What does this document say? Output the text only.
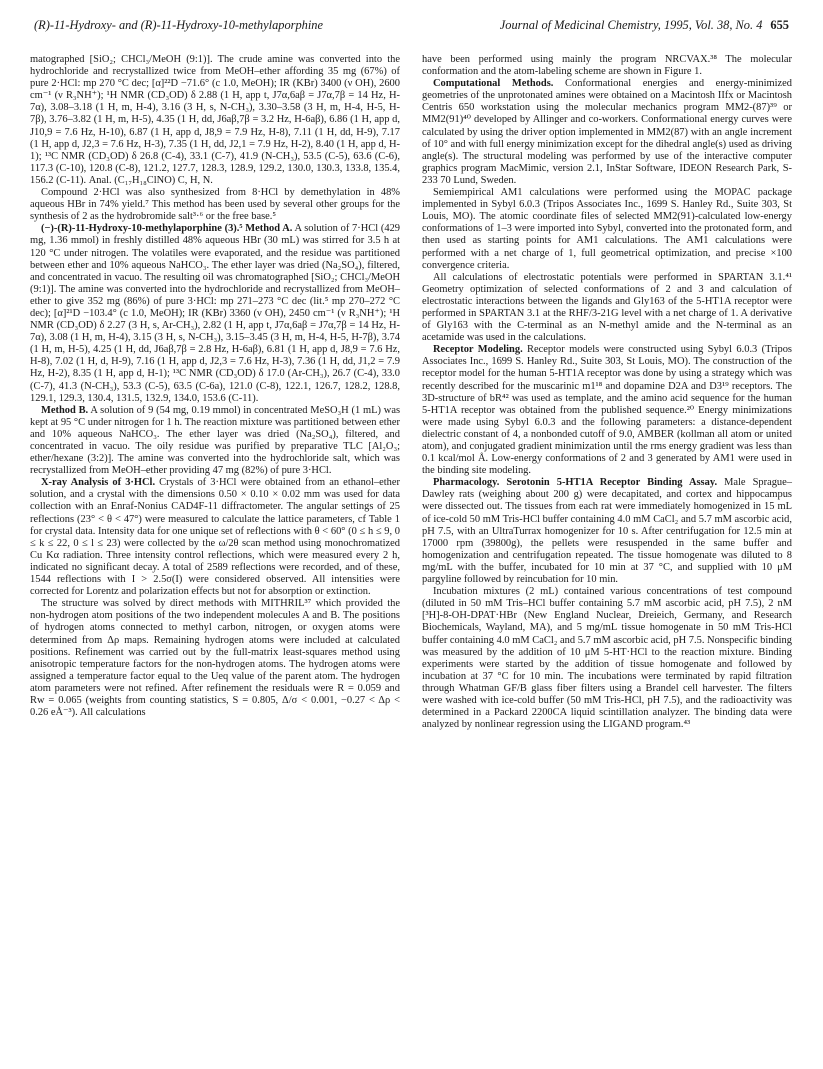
(R)-11-Hydroxy- and (R)-11-Hydroxy-10-methylaporphine	Journal of Medicinal Chemistry, 1995, Vol. 38, No. 4 655

matographed [SiO₂; CHCl₃/MeOH (9:1)]. The crude amine was converted into the hydrochloride and recrystallized twice from MeOH–ether affording 35 mg (67%) of pure 2·HCl: mp 270 °C dec; [α]²²D −71.6° (c 1.0, MeOH); IR (KBr) 3400 (ν OH), 2600 cm⁻¹ (ν R₃NH⁺); ¹H NMR (CD₃OD) δ 2.88 (1 H, app t, J7α,6aβ = J7α,7β = 14 Hz, H-7α), 3.08–3.18 (1 H, m, H-4), 3.16 (3 H, s, N-CH₃), 3.30–3.58 (3 H, m, H-4, H-5, H-7β), 3.76–3.82 (1 H, m, H-5), 4.35 (1 H, dd, J6aβ,7β = 3.2 Hz, H-6aβ), 6.86 (1 H, app d, J10,9 = 7.6 Hz, H-10), 6.87 (1 H, app d, J8,9 = 7.9 Hz, H-8), 7.11 (1 H, dd, H-9), 7.17 (1 H, app d, J2,3 = 7.6 Hz, H-3), 7.35 (1 H, dd, J2,1 = 7.9 Hz, H-2), 8.40 (1 H, app d, H-1); ¹³C NMR (CD₃OD) δ 26.8 (C-4), 33.1 (C-7), 41.9 (N-CH₃), 53.5 (C-5), 63.6 (C-6), 117.3 (C-10), 120.8 (C-8), 121.2, 127.7, 128.3, 128.9, 129.2, 130.0, 130.3, 133.8, 135.4, 156.2 (C-11). Anal. (C₁₇H₁₈ClNO) C, H, N.

Compound 2·HCl was also synthesized from 8·HCl by demethylation in 48% aqueous HBr in 74% yield.⁷ This method has been used by several other groups for the synthesis of 2 as the hydrobromide salt³·⁶ or the free base.⁵

(−)-(R)-11-Hydroxy-10-methylaporphine (3).⁵ Method A. A solution of 7·HCl (429 mg, 1.36 mmol) in freshly distilled 48% aqueous HBr (30 mL) was stirred for 3.5 h at 120 °C under nitrogen. The volatiles were evaporated, and the residue was partitioned between ether and 10% aqueous NaHCO₃. The ether layer was dried (Na₂SO₄), filtered, and concentrated in vacuo. The resulting oil was chromatographed [SiO₂; CHCl₃/MeOH (9:1)]. The amine was converted into the hydrochloride and recrystallized from MeOH–ether to give 352 mg (86%) of pure 3·HCl: mp 271–273 °C dec (lit.⁵ mp 270–272 °C dec); [α]²¹D −103.4° (c 1.0, MeOH); IR (KBr) 3360 (ν OH), 2450 cm⁻¹ (ν R₃NH⁺); ¹H NMR (CD₃OD) δ 2.27 (3 H, s, Ar-CH₃), 2.82 (1 H, app t, J7α,6aβ = J7α,7β = 14 Hz, H-7α), 3.08 (1 H, m, H-4), 3.15 (3 H, s, N-CH₃), 3.15–3.45 (3 H, m, H-4, H-5, H-7β), 3.74 (1 H, m, H-5), 4.25 (1 H, dd, J6aβ,7β = 2.8 Hz, H-6aβ), 6.81 (1 H, app d, J8,9 = 7.6 Hz, H-8), 7.02 (1 H, d, H-9), 7.16 (1 H, app d, J2,3 = 7.6 Hz, H-3), 7.36 (1 H, dd, J1,2 = 7.9 Hz, H-2), 8.35 (1 H, app d, H-1); ¹³C NMR (CD₃OD) δ 17.0 (Ar-CH₃), 26.7 (C-4), 33.0 (C-7), 41.3 (N-CH₃), 53.3 (C-5), 63.5 (C-6a), 121.0 (C-8), 122.1, 126.7, 128.2, 128.8, 129.1, 129.3, 130.4, 131.5, 132.9, 134.0, 153.6 (C-11).

Method B. A solution of 9 (54 mg, 0.19 mmol) in concentrated MeSO₃H (1 mL) was kept at 95 °C under nitrogen for 1 h. The reaction mixture was partitioned between ether and 10% aqueous NaHCO₃. The ether layer was dried (Na₂SO₄), filtered, and concentrated in vacuo. The oily residue was purified by preparative TLC [Al₂O₃; ether/hexane (3:2)]. The amine was converted into the hydrochloride salt, which was recrystallized from MeOH–ether providing 47 mg (82%) of pure 3·HCl.

X-ray Analysis of 3·HCl. Crystals of 3·HCl were obtained from an ethanol–ether solution, and a crystal with the dimensions 0.50 × 0.10 × 0.02 mm was used for data collection with an Enraf-Nonius CAD4F-11 diffractometer. The angular settings of 25 reflections (23° < θ < 47°) were measured to calculate the lattice parameters, cf Table 1 for crystal data. Intensity data for one unique set of reflections with θ < 60° (0 ≤ h ≤ 9, 0 ≤ k ≤ 22, 0 ≤ l ≤ 23) were collected by the ω/2θ scan method using monochromatized Cu Kα radiation. Three intensity control reflections, which were measured every 2 h, indicated no significant decay. A total of 2589 reflections were recorded, and of these, 1544 reflections with I > 2.5σ(I) were considered observed. All intensities were corrected for Lorentz and polarization effects but not for absorption or extinction.

The structure was solved by direct methods with MITHRIL³⁷ which provided the non-hydrogen atom positions of the two independent molecules A and B. The positions of hydrogen atoms connected to methyl carbon, nitrogen, or oxygen atoms were determined from Δρ maps. Remaining hydrogen atoms were included at calculated positions. Refinement was carried out by the full-matrix least-squares method using anisotropic temperature factors for the non-hydrogen atoms. The hydrogen atoms were assigned a temperature factor equal to the Ueq value of the parent atom. The hydrogen atom parameters were not refined. After refinement the residuals were R = 0.059 and Rw = 0.065 (weights from counting statistics, S = 0.805, Δ/σ < 0.001, −0.27 < Δρ < 0.26 eÅ⁻³). All calculations

have been performed using mainly the program NRCVAX.³⁸ The molecular conformation and the atom-labeling scheme are shown in Figure 1.

Computational Methods. Conformational energies and energy-minimized geometries of the unprotonated amines were obtained on a Macintosh IIfx or Macintosh Centris 650 workstation using the molecular mechanics program MM2-(87)³⁹ or MM2(91)⁴⁰ developed by Allinger and co-workers. Conformational energy curves were calculated by using the driver option implemented in MM2(87) with an angle increment of 10° and with full energy minimization except for the dihedral angle(s) used as driving angle(s). The structural modeling was performed by use of the interactive computer graphics program MacMimic, version 2.1, InStar Software, IDEON Research Park, S-233 70 Lund, Sweden.

Semiempirical AM1 calculations were performed using the MOPAC package implemented in Sybyl 6.0.3 (Tripos Associates Inc., 1699 S. Hanley Rd., Suite 303, St Louis, MO). The atomic coordinate files of selected MM2(91)-calculated low-energy conformations of 1–3 were imported into Sybyl, converted into the protonated form, and then used as starting points for AM1 calculations. The AM1 calculations were performed with a net charge of 1, full geometrical optimization, and precise ×100 convergence criteria.

All calculations of electrostatic potentials were performed in SPARTAN 3.1.⁴¹ Geometry optimization of selected conformations of 2 and 3 and calculation of electrostatic interactions between the ligands and Gly163 of the 5-HT1A receptor were performed in SPARTAN 3.1 at the RHF/3-21G level with a net charge of 1. A derivative of Gly163 with the C-terminal as an N-methyl amide and the N-terminal as an acetamide was used in the calculations.

Receptor Modeling. Receptor models were constructed using Sybyl 6.0.3 (Tripos Associates Inc., 1699 S. Hanley Rd., Suite 303, St Louis, MO). The construction of the receptor model for the human 5-HT1A receptor was done by using a strategy which was recently described for the muscarinic m1¹⁸ and dopamine D2A and D3¹⁹ receptors. The 3D-structure of bR⁴² was used as template, and the amino acid sequence for the human 5-HT1A receptor was obtained from the published sequence.²⁰ Energy minimizations were made using Sybyl 6.0.3 and the following parameters: a distance-dependent dielectric constant of 4, a nonbonded cutoff of 9.0, AMBER (kollman all atom or united atom), and conjugated gradient minimization until the rms energy gradient was less than 0.1 kcal/mol Å. Low-energy conformations of 2 and 3 generated by AM1 were used in the binding site modeling.

Pharmacology. Serotonin 5-HT1A Receptor Binding Assay. Male Sprague–Dawley rats (weighing about 200 g) were decapitated, and cortex and hippocampus were dissected out. The tissues from each rat were immediately homogenized in 15 mL of ice-cold 50 mM Tris-HCl buffer containing 4.0 mM CaCl₂ and 5.7 mM ascorbic acid, pH 7.5, with an UltraTurrax homogenizer for 10 s. After centrifugation for 12.5 min at 17000 rpm (39800g), the pellets were resuspended in the same buffer and homogenization and centrifugation repeated. The tissue homogenate was diluted to 8 mg/mL with the buffer, incubated for 10 min at 37 °C, and supplied with 10 μM pargyline followed by reincubation for 10 min.

Incubation mixtures (2 mL) contained various concentrations of test compound (diluted in 50 mM Tris–HCl buffer containing 5.7 mM ascorbic acid, pH 7.5), 2 nM [³H]-8-OH-DPAT·HBr (New England Nuclear, Dreieich, Germany, and Research Biochemicals, Wayland, MA), and 5 mg/mL tissue homogenate in 50 mM Tris-HCl buffer containing 4.0 mM CaCl₂ and 5.7 mM ascorbic acid, pH 7.5. Nonspecific binding was measured by the addition of 10 μM 5-HT·HCl to the reaction mixture. Binding experiments were started by the addition of tissue homogenate and followed by incubation at 37 °C for 10 min. The incubations were terminated by rapid filtration through Whatman GF/B glass fiber filters using a Brandel cell harvester. The filters were washed with ice-cold buffer (50 mM Tris-HCl, pH 7.5), and the radioactivity was determined in a Packard 2200CA liquid scintillation analyzer. The binding data were analyzed by nonlinear regression using the LIGAND program.⁴³
